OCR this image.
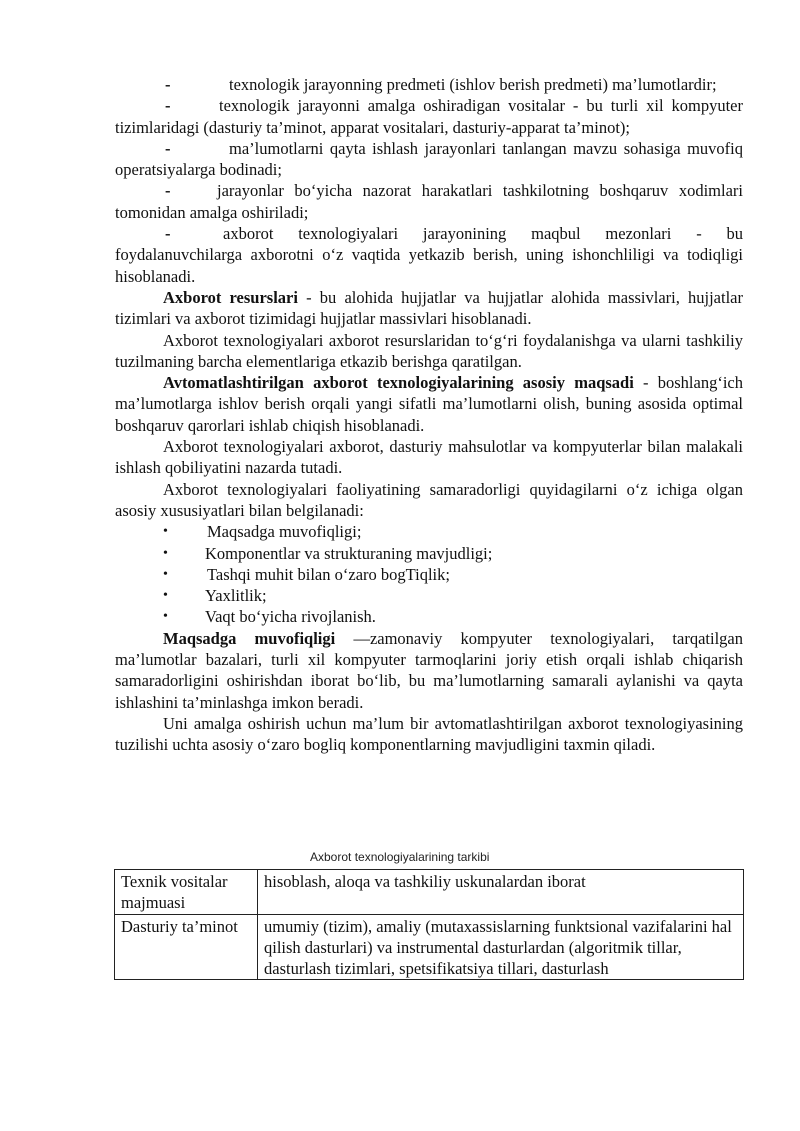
-	texnologik jarayonning predmeti (ishlov berish predmeti) ma’lumotlardir;

-	texnologik jarayonni amalga oshiradigan vositalar - bu turli xil kompyuter tizimlaridagi (dasturiy ta’minot, apparat vositalari, dasturiy-apparat ta’minot);

-	ma’lumotlarni qayta ishlash jarayonlari tanlangan mavzu sohasiga muvofiq operatsiyalarga bodinadi;

-	jarayonlar bo‘yicha nazorat harakatlari tashkilotning boshqaruv xodimlari tomonidan amalga oshiriladi;

-	axborot texnologiyalari jarayonining maqbul mezonlari - bu foydalanuvchilarga axborotni o‘z vaqtida yetkazib berish, uning ishonchliligi va todiqligi hisoblanadi.

Axborot resurslari - bu alohida hujjatlar va hujjatlar alohida massivlari, hujjatlar tizimlari va axborot tizimidagi hujjatlar massivlari hisoblanadi.

Axborot texnologiyalari axborot resurslaridan to‘g‘ri foydalanishga va ularni tashkiliy tuzilmaning barcha elementlariga etkazib berishga qaratilgan.

Avtomatlashtirilgan axborot texnologiyalarining asosiy maqsadi - boshlang‘ich ma’lumotlarga ishlov berish orqali yangi sifatli ma’lumotlarni olish, buning asosida optimal boshqaruv qarorlari ishlab chiqish hisoblanadi.

Axborot texnologiyalari axborot, dasturiy mahsulotlar va kompyuterlar bilan malakali ishlash qobiliyatini nazarda tutadi.

Axborot texnologiyalari faoliyatining samaradorligi quyidagilarni o‘z ichiga olgan asosiy xususiyatlari bilan belgilanadi:

• Maqsadga muvofiqligi;
• Komponentlar va strukturaning mavjudligi;
• Tashqi muhit bilan o‘zaro bogTiqlik;
• Yaxlitlik;
• Vaqt bo‘yicha rivojlanish.

Maqsadga muvofiqligi —zamonaviy kompyuter texnologiyalari, tarqatilgan ma’lumotlar bazalari, turli xil kompyuter tarmoqlarini joriy etish orqali ishlab chiqarish samaradorligini oshirishdan iborat bo‘lib, bu ma’lumotlarning samarali aylanishi va qayta ishlashini ta’minlashga imkon beradi.

Uni amalga oshirish uchun ma’lum bir avtomatlashtirilgan axborot texnologiyasining tuzilishi uchta asosiy o‘zaro bogliq komponentlarning mavjudligini taxmin qiladi.

Axborot texnologiyalarining tarkibi
Texnik vositalar majmuasi	hisoblash, aloqa va tashkiliy uskunalardan iborat
Dasturiy ta’minot	umumiy (tizim), amaliy (mutaxassislarning funktsional vazifalarini hal qilish dasturlari) va instrumental dasturlardan (algoritmik tillar, dasturlash tizimlari, spetsifikatsiya tillari, dasturlash
